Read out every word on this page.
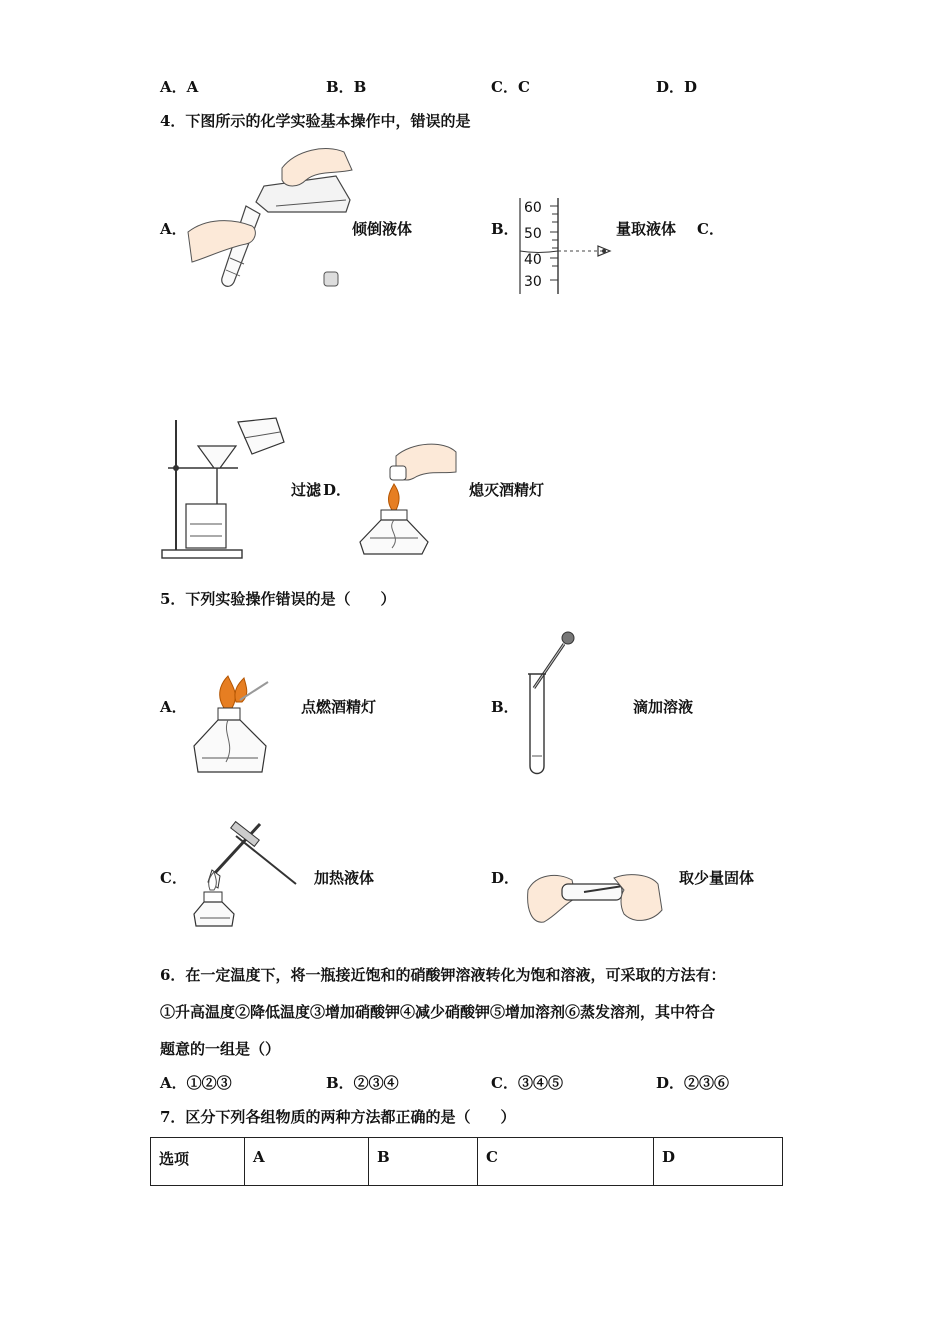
A．A	B．B	C．C	D．D
4．下图所示的化学实验基本操作中，错误的是
A．	倾倒液体	B．
60
50
40
30
量取液体 C．
过滤 D．	熄灭酒精灯
5．下列实验操作错误的是（　　）
A．	点燃酒精灯	B．	滴加溶液
C．	加热液体	D．	取少量固体
6．在一定温度下，将一瓶接近饱和的硝酸钾溶液转化为饱和溶液，可采取的方法有：
①升高温度②降低温度③增加硝酸钾④减少硝酸钾⑤增加溶剂⑥蒸发溶剂，其中符合
题意的一组是（）
A．①②③	B．②③④	C．③④⑤	D．②③⑥
7．区分下列各组物质的两种方法都正确的是（　　）
选项	A	B	C	D
